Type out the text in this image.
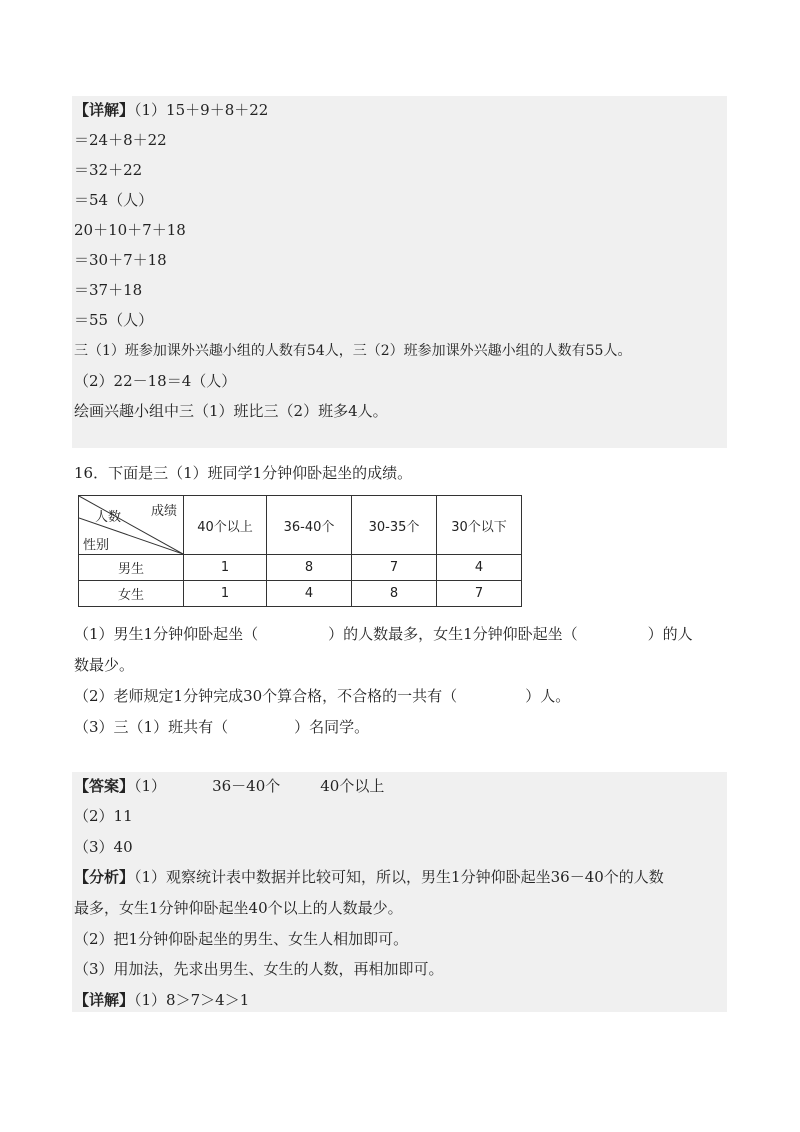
【详解】（1）15＋9＋8＋22
＝24＋8＋22
＝32＋22
＝54（人）
20＋10＋7＋18
＝30＋7＋18
＝37＋18
＝55（人）
三（1）班参加课外兴趣小组的人数有54人，三（2）班参加课外兴趣小组的人数有55人。
（2）22－18＝4（人）
绘画兴趣小组中三（1）班比三（2）班多4人。
16．下面是三（1）班同学1分钟仰卧起坐的成绩。
成绩
人数
性别	40个以上	36-40个	30-35个	30个以下
男生	1	8	7	4
女生	1	4	8	7
（1）男生1分钟仰卧起坐（	）的人数最多，女生1分钟仰卧起坐（	）的人
数最少。
（2）老师规定1分钟完成30个算合格，不合格的一共有（	）人。
（3）三（1）班共有（	）名同学。
【答案】（1）	36－40个	40个以上
（2）11
（3）40
【分析】（1）观察统计表中数据并比较可知，所以，男生1分钟仰卧起坐36－40个的人数
最多，女生1分钟仰卧起坐40个以上的人数最少。
（2）把1分钟仰卧起坐的男生、女生人相加即可。
（3）用加法，先求出男生、女生的人数，再相加即可。
【详解】（1）8＞7＞4＞1
